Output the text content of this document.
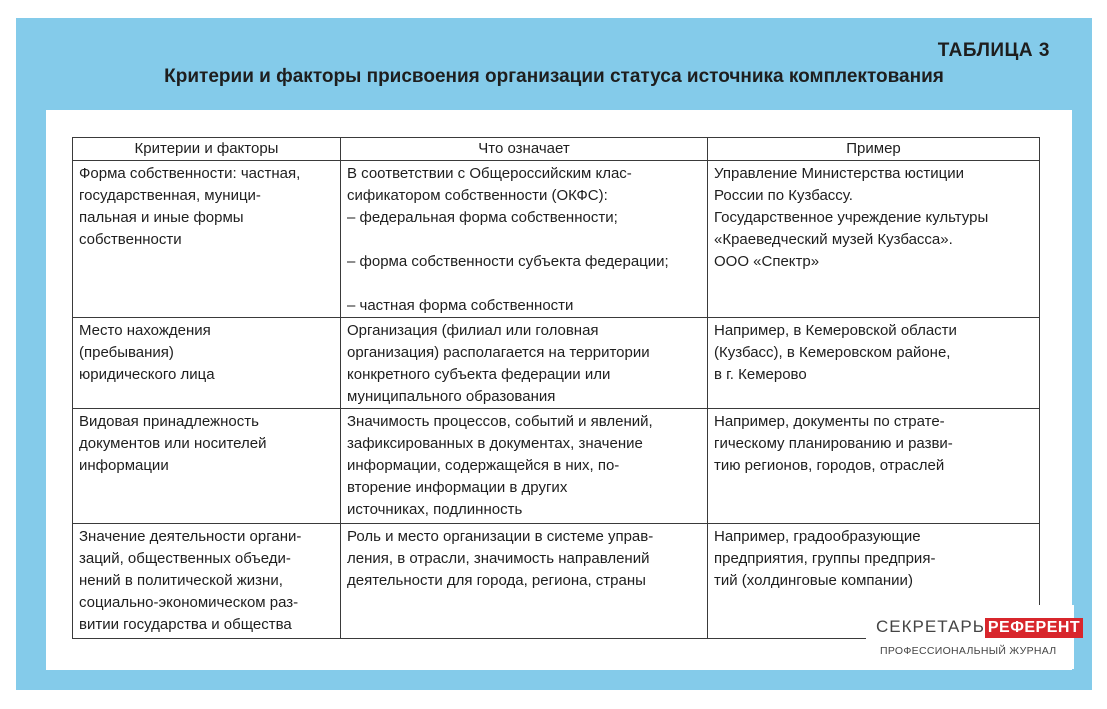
ТАБЛИЦА 3
Критерии и факторы присвоения организации статуса источника комплектования
Критерии и факторы	Что означает	Пример
Форма собственности: частная,
государственная, муници-
пальная и иные формы
собственности	В соответствии с Общероссийским клас-
сификатором собственности (ОКФС):
– федеральная форма собственности;

– форма собственности субъекта федерации;

– частная форма собственности	Управление Министерства юстиции
России по Кузбассу.
Государственное учреждение культуры
«Краеведческий музей Кузбасса».
ООО «Спектр»
Место нахождения
(пребывания)
юридического лица	Организация (филиал или головная
организация) располагается на территории
конкретного субъекта федерации или
муниципального образования	Например, в Кемеровской области
(Кузбасс), в Кемеровском районе,
в г. Кемерово
Видовая принадлежность
документов или носителей
информации	Значимость процессов, событий и явлений,
зафиксированных в документах, значение
информации, содержащейся в них, по-
вторение информации в других
источниках, подлинность	Например, документы по страте-
гическому планированию и разви-
тию регионов, городов, отраслей
Значение деятельности органи-
заций, общественных объеди-
нений в политической жизни,
социально-экономическом раз-
витии государства и общества	Роль и место организации в системе управ-
ления, в отрасли, значимость направлений
деятельности для города, региона, страны	Например, градообразующие
предприятия, группы предприя-
тий (холдинговые компании)
СЕКРЕТАРЬ РЕФЕРЕНТ
ПРОФЕССИОНАЛЬНЫЙ ЖУРНАЛ
